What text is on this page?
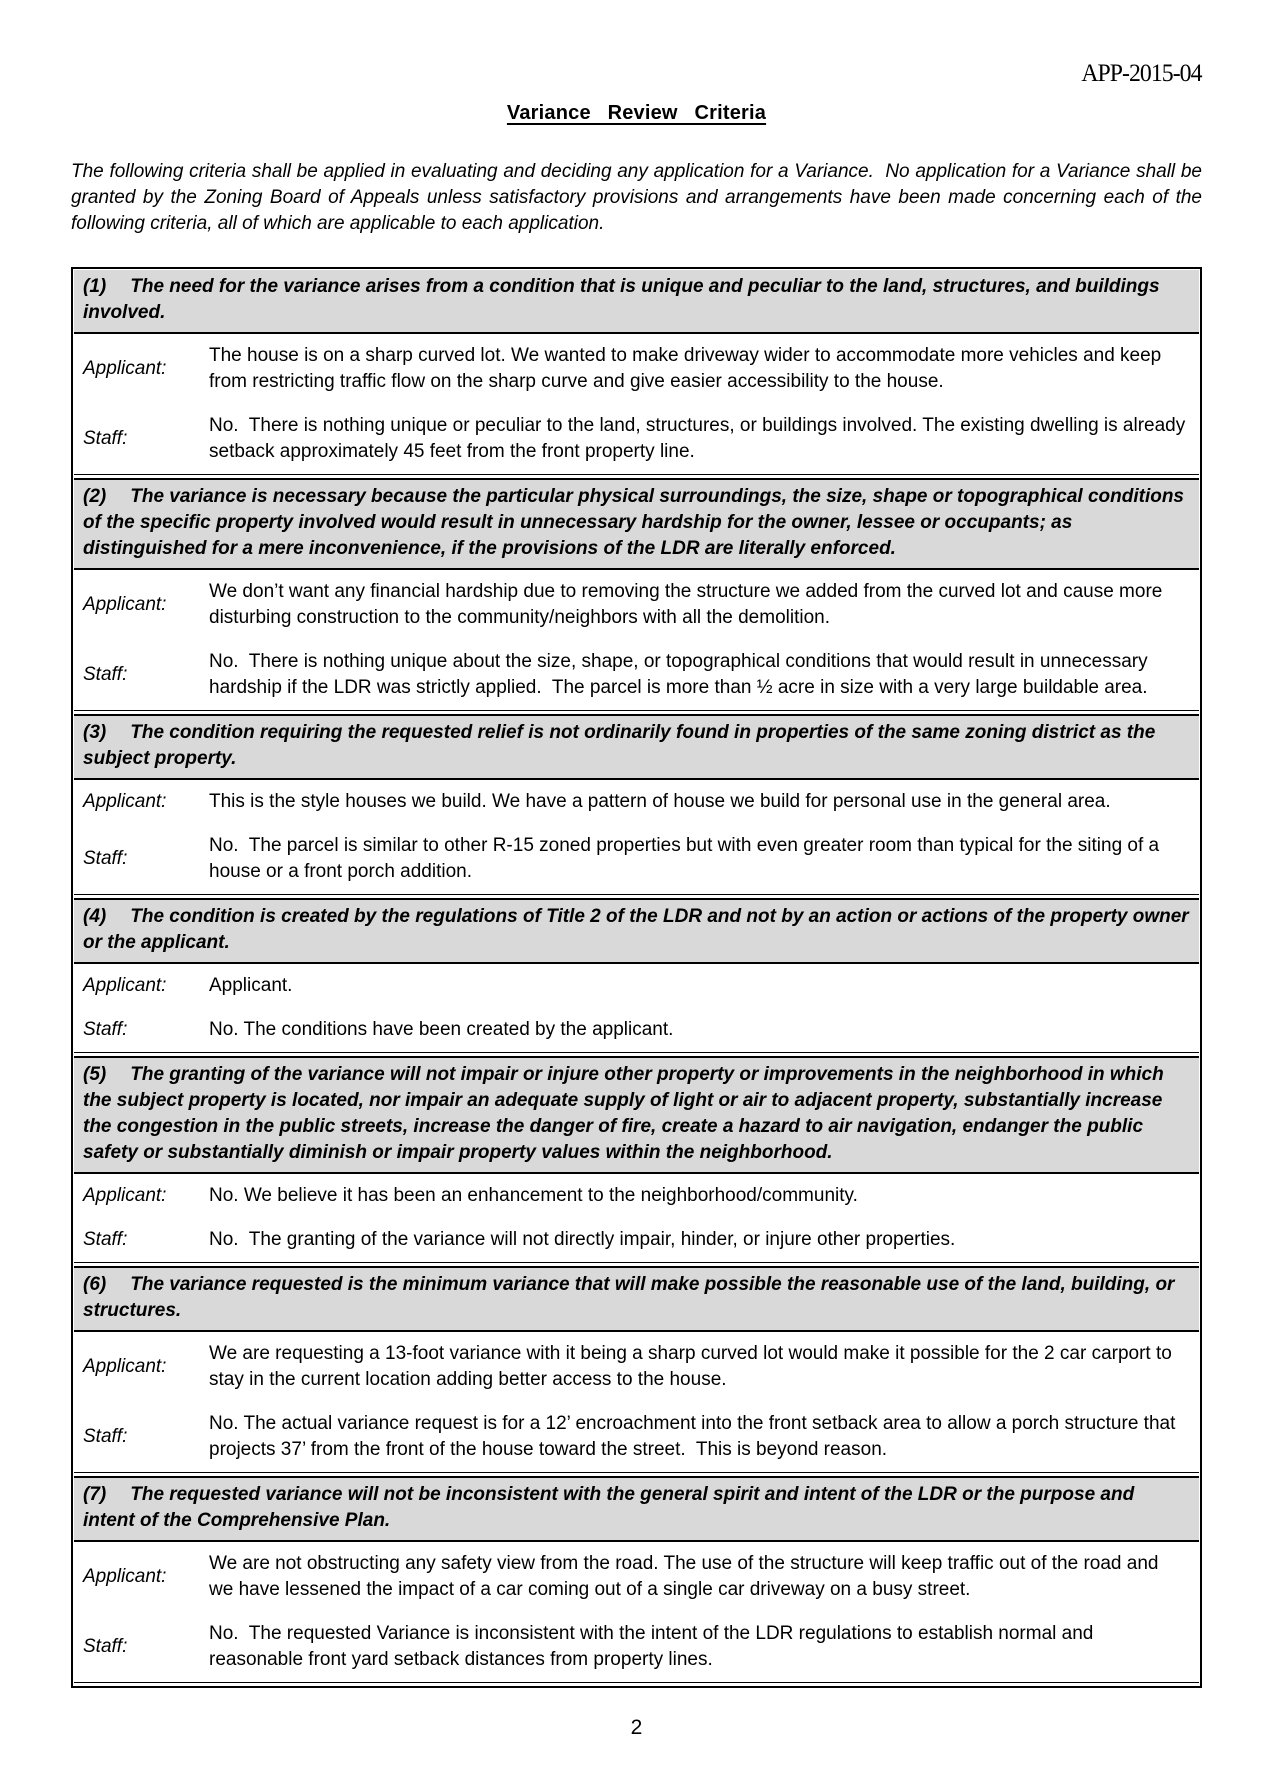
APP-2015-04
Variance Review Criteria

The following criteria shall be applied in evaluating and deciding any application for a Variance.  No application for a Variance shall be granted by the Zoning Board of Appeals unless satisfactory provisions and arrangements have been made concerning each of the following criteria, all of which are applicable to each application.

(1) The need for the variance arises from a condition that is unique and peculiar to the land, structures, and buildings involved.
Applicant:
The house is on a sharp curved lot. We wanted to make driveway wider to accommodate more vehicles and keep from restricting traffic flow on the sharp curve and give easier accessibility to the house.
Staff:
No.  There is nothing unique or peculiar to the land, structures, or buildings involved. The existing dwelling is already setback approximately 45 feet from the front property line.
(2) The variance is necessary because the particular physical surroundings, the size, shape or topographical conditions of the specific property involved would result in unnecessary hardship for the owner, lessee or occupants; as distinguished for a mere inconvenience, if the provisions of the LDR are literally enforced.
Applicant:
We don’t want any financial hardship due to removing the structure we added from the curved lot and cause more disturbing construction to the community/neighbors with all the demolition.
Staff:
No.  There is nothing unique about the size, shape, or topographical conditions that would result in unnecessary hardship if the LDR was strictly applied.  The parcel is more than ½ acre in size with a very large buildable area.
(3) The condition requiring the requested relief is not ordinarily found in properties of the same zoning district as the subject property.
Applicant:	This is the style houses we build. We have a pattern of house we build for personal use in the general area.
Staff:
No.  The parcel is similar to other R-15 zoned properties but with even greater room than typical for the siting of a house or a front porch addition.
(4) The condition is created by the regulations of Title 2 of the LDR and not by an action or actions of the property owner or the applicant.
Applicant:	Applicant.
Staff:	No. The conditions have been created by the applicant.
(5) The granting of the variance will not impair or injure other property or improvements in the neighborhood in which the subject property is located, nor impair an adequate supply of light or air to adjacent property, substantially increase the congestion in the public streets, increase the danger of fire, create a hazard to air navigation, endanger the public safety or substantially diminish or impair property values within the neighborhood.
Applicant:	No. We believe it has been an enhancement to the neighborhood/community.
Staff:	No.  The granting of the variance will not directly impair, hinder, or injure other properties.
(6) The variance requested is the minimum variance that will make possible the reasonable use of the land, building, or structures.
Applicant:
We are requesting a 13-foot variance with it being a sharp curved lot would make it possible for the 2 car carport to stay in the current location adding better access to the house.
Staff:
No. The actual variance request is for a 12’ encroachment into the front setback area to allow a porch structure that projects 37’ from the front of the house toward the street.  This is beyond reason.
(7) The requested variance will not be inconsistent with the general spirit and intent of the LDR or the purpose and intent of the Comprehensive Plan.
Applicant:
We are not obstructing any safety view from the road. The use of the structure will keep traffic out of the road and we have lessened the impact of a car coming out of a single car driveway on a busy street.
Staff:
No.  The requested Variance is inconsistent with the intent of the LDR regulations to establish normal and reasonable front yard setback distances from property lines.
2
